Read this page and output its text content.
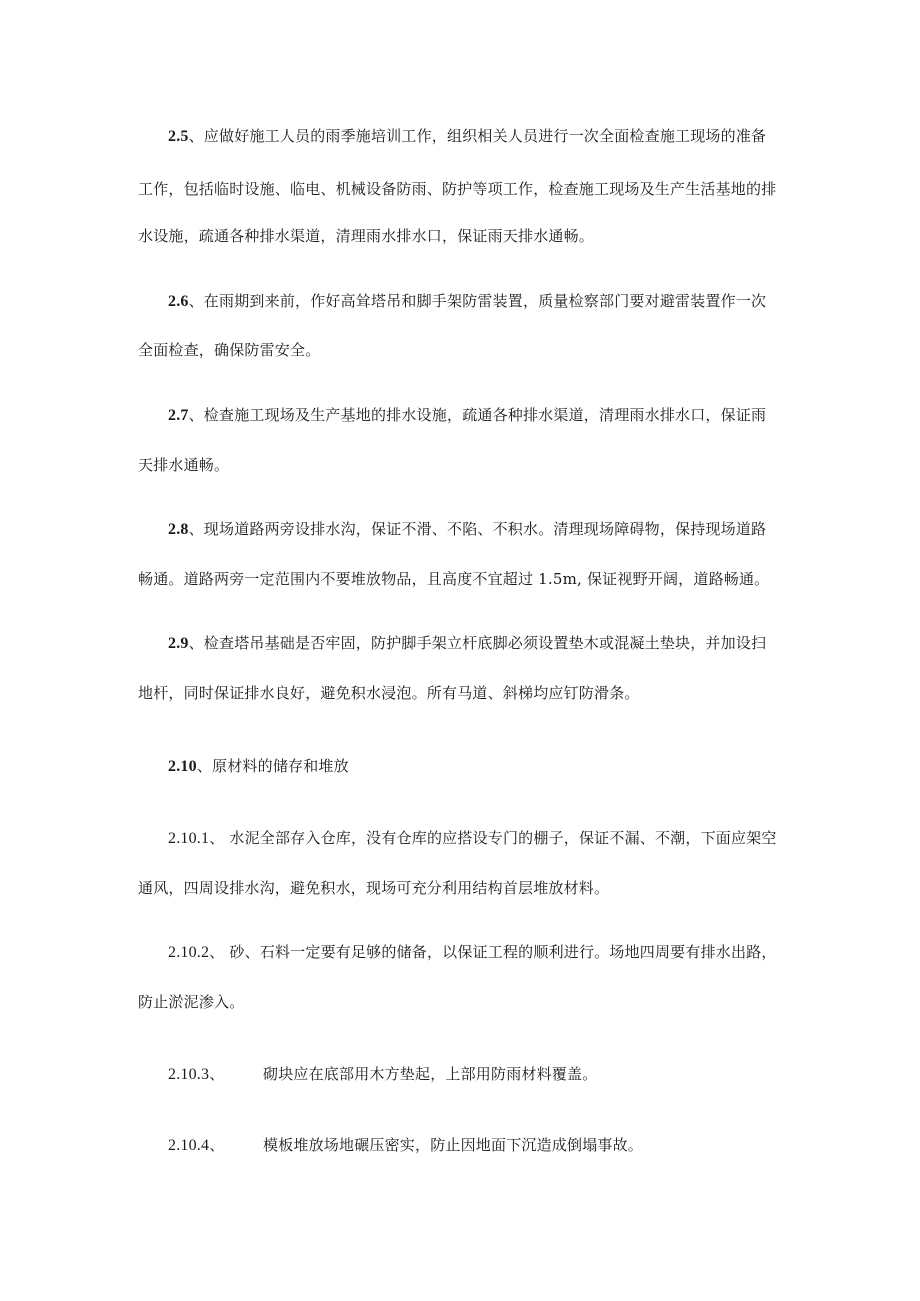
2.5、应做好施工人员的雨季施培训工作，组织相关人员进行一次全面检查施工现场的准备
工作，包括临时设施、临电、机械设备防雨、防护等项工作，检查施工现场及生产生活基地的排
水设施，疏通各种排水渠道，清理雨水排水口，保证雨天排水通畅。
2.6、在雨期到来前，作好高耸塔吊和脚手架防雷装置，质量检察部门要对避雷装置作一次
全面检查，确保防雷安全。
2.7、检查施工现场及生产基地的排水设施，疏通各种排水渠道，清理雨水排水口，保证雨
天排水通畅。
2.8、现场道路两旁设排水沟，保证不滑、不陷、不积水。清理现场障碍物，保持现场道路
畅通。道路两旁一定范围内不要堆放物品，且高度不宜超过 1.5m, 保证视野开阔，道路畅通。
2.9、检查塔吊基础是否牢固，防护脚手架立杆底脚必须设置垫木或混凝土垫块，并加设扫
地杆，同时保证排水良好，避免积水浸泡。所有马道、斜梯均应钉防滑条。
2.10、原材料的储存和堆放
2.10.1、 水泥全部存入仓库，没有仓库的应搭设专门的棚子，保证不漏、不潮，下面应架空
通风，四周设排水沟，避免积水，现场可充分利用结构首层堆放材料。
2.10.2、 砂、石料一定要有足够的储备，以保证工程的顺利进行。场地四周要有排水出路，
防止淤泥渗入。
2.10.3、	砌块应在底部用木方垫起，上部用防雨材料覆盖。
2.10.4、	模板堆放场地碾压密实，防止因地面下沉造成倒塌事故。
